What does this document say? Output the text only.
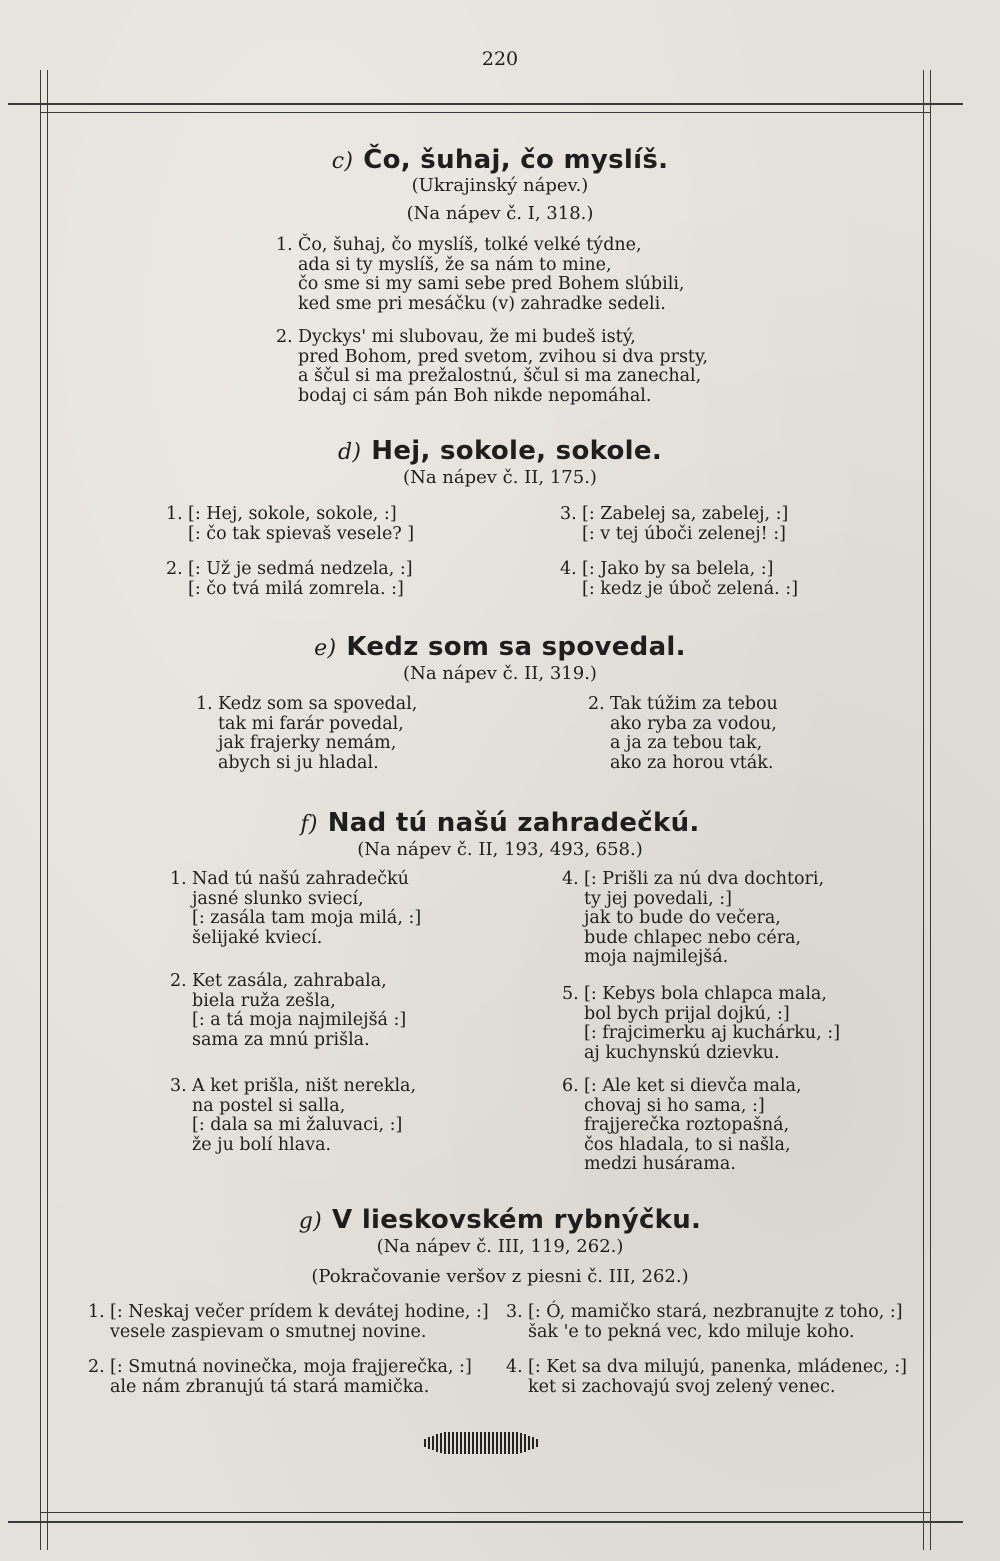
220
c) Čo, šuhaj, čo myslíš.
(Ukrajinský nápev.)
(Na nápev č. I, 318.)
1. Čo, šuhaj, čo myslíš, tolké velké týdne,
ada si ty myslíš, že sa nám to mine,
čo sme si my sami sebe pred Bohem slúbili,
ked sme pri mesáčku (v) zahradke sedeli.
2. Dyckys' mi slubovau, že mi budeš istý,
pred Bohom, pred svetom, zvihou si dva prsty,
a ščul si ma prežalostnú, ščul si ma zanechal,
bodaj ci sám pán Boh nikde nepomáhal.
d) Hej, sokole, sokole.
(Na nápev č. II, 175.)
1. [: Hej, sokole, sokole, :]
[: čo tak spievaš vesele? ]
2. [: Už je sedmá nedzela, :]
[: čo tvá milá zomrela. :]
3. [: Zabelej sa, zabelej, :]
[: v tej úboči zelenej! :]
4. [: Jako by sa belela, :]
[: kedz je úboč zelená. :]
e) Kedz som sa spovedal.
(Na nápev č. II, 319.)
1. Kedz som sa spovedal,
tak mi farár povedal,
jak frajerky nemám,
abych si ju hladal.
2. Tak túžim za tebou
ako ryba za vodou,
a ja za tebou tak,
ako za horou vták.
f) Nad tú našú zahradečkú.
(Na nápev č. II, 193, 493, 658.)
1. Nad tú našú zahradečkú
jasné slunko sviecí,
[: zasála tam moja milá, :]
šelijaké kviecí.
2. Ket zasála, zahrabala,
biela ruža zešla,
[: a tá moja najmilejšá :]
sama za mnú prišla.
3. A ket prišla, ništ nerekla,
na postel si salla,
[: dala sa mi žaluvaci, :]
že ju bolí hlava.
4. [: Prišli za nú dva dochtori,
ty jej povedali, :]
jak to bude do večera,
bude chlapec nebo céra,
moja najmilejšá.
5. [: Kebys bola chlapca mala,
bol bych prijal dojkú, :]
[: frajcimerku aj kuchárku, :]
aj kuchynskú dzievku.
6. [: Ale ket si dievča mala,
chovaj si ho sama, :]
frajjerečka roztopašná,
čos hladala, to si našla,
medzi husárama.
g) V lieskovském rybnýčku.
(Na nápev č. III, 119, 262.)
(Pokračovanie veršov z piesni č. III, 262.)
1. [: Neskaj večer prídem k devátej hodine, :]
vesele zaspievam o smutnej novine.
2. [: Smutná novinečka, moja frajjerečka, :]
ale nám zbranujú tá stará mamička.
3. [: Ó, mamičko stará, nezbranujte z toho, :]
šak 'e to pekná vec, kdo miluje koho.
4. [: Ket sa dva milujú, panenka, mládenec, :]
ket si zachovajú svoj zelený venec.
